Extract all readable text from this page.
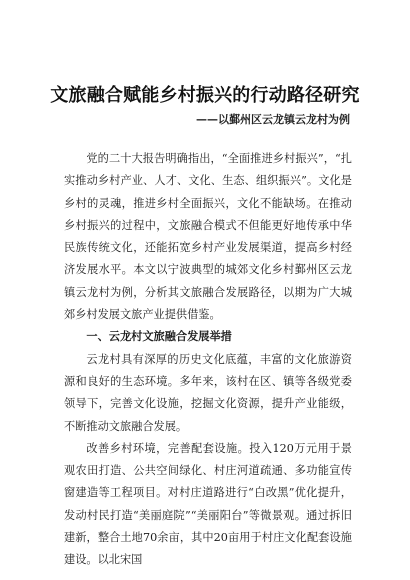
文旅融合赋能乡村振兴的行动路径研究
——以鄞州区云龙镇云龙村为例

党的二十大报告明确指出，“全面推进乡村振兴”，“扎实推动乡村产业、人才、文化、生态、组织振兴”。文化是乡村的灵魂，推进乡村全面振兴，文化不能缺场。在推动乡村振兴的过程中，文旅融合模式不但能更好地传承中华民族传统文化，还能拓宽乡村产业发展渠道，提高乡村经济发展水平。本文以宁波典型的城郊文化乡村鄞州区云龙镇云龙村为例，分析其文旅融合发展路径，以期为广大城郊乡村发展文旅产业提供借鉴。

一、云龙村文旅融合发展举措

云龙村具有深厚的历史文化底蕴，丰富的文化旅游资源和良好的生态环境。多年来，该村在区、镇等各级党委领导下，完善文化设施，挖掘文化资源，提升产业能级，不断推动文旅融合发展。

改善乡村环境，完善配套设施。投入120万元用于景观农田打造、公共空间绿化、村庄河道疏通、多功能宣传窗建造等工程项目。对村庄道路进行“白改黑”优化提升，发动村民打造“美丽庭院”“美丽阳台”等微景观。通过拆旧建新，整合土地70余亩，其中20亩用于村庄文化配套设施建设。以北宋国
